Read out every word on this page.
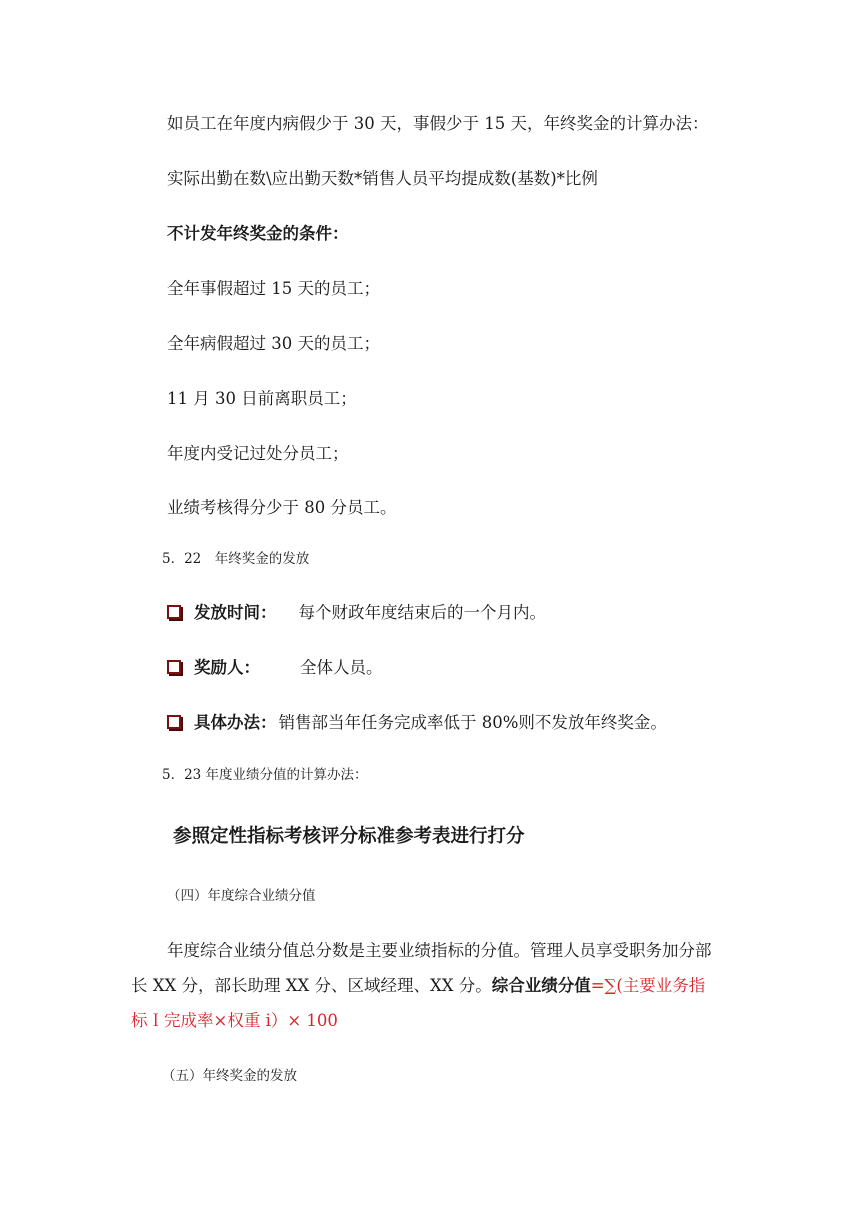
如员工在年度内病假少于 30 天，事假少于 15 天，年终奖金的计算办法：
实际出勤在数\应出勤天数*销售人员平均提成数(基数)*比例
不计发年终奖金的条件：
全年事假超过 15 天的员工；
全年病假超过 30 天的员工；
11 月 30 日前离职员工；
年度内受记过处分员工；
业绩考核得分少于 80 分员工。
5．22　年终奖金的发放
发放时间： 每个财政年度结束后的一个月内。
奖励人： 全体人员。
具体办法： 销售部当年任务完成率低于 80%则不发放年终奖金。
5．23 年度业绩分值的计算办法：
参照定性指标考核评分标准参考表进行打分
（四）年度综合业绩分值
年度综合业绩分值总分数是主要业绩指标的分值。管理人员享受职务加分部
长 XX 分，部长助理 XX 分、区域经理、XX 分。综合业绩分值=∑(主要业务指
标Ｉ完成率×权重 i）× 100
（五）年终奖金的发放
